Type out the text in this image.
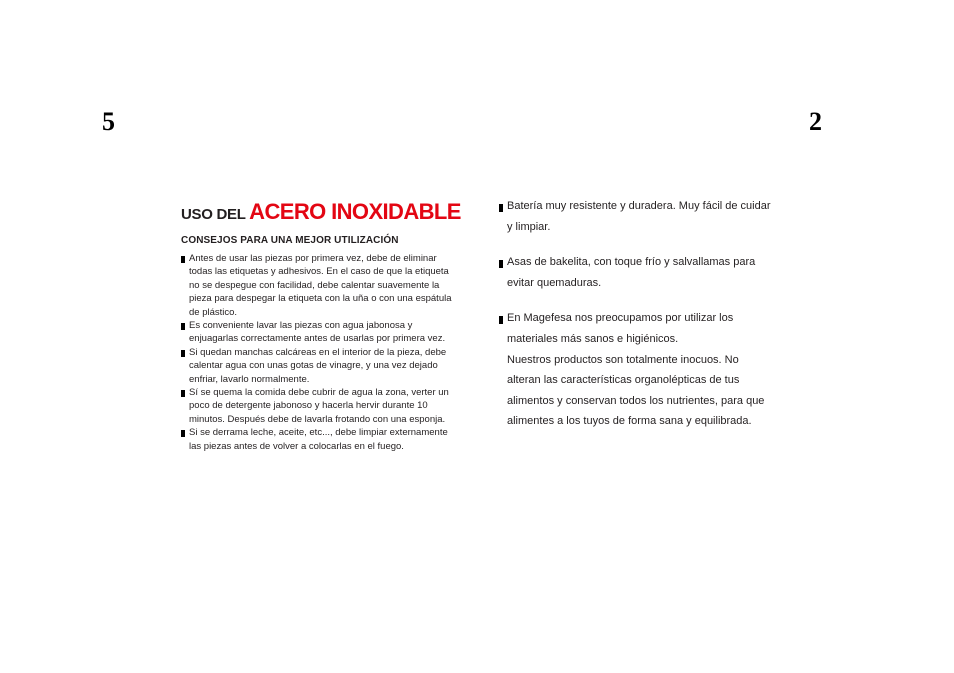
5	2
USO DEL ACERO INOXIDABLE
CONSEJOS PARA UNA MEJOR UTILIZACIÓN
Antes de usar las piezas por primera vez, debe de eliminar todas las etiquetas y adhesivos. En el caso de que la etiqueta no se despegue con facilidad, debe calentar suavemente la pieza para despegar la etiqueta con la uña o con una espátula de plástico.
Es conveniente lavar las piezas con agua jabonosa y enjuagarlas correctamente antes de usarlas por primera vez.
Si quedan manchas calcáreas en el interior de la pieza, debe calentar agua con unas gotas de vinagre, y una vez dejado enfriar, lavarlo normalmente.
Sí se quema la comida debe cubrir de agua la zona, verter un poco de detergente jabonoso y hacerla hervir durante 10 minutos. Después debe de lavarla frotando con una esponja.
Si se derrama leche, aceite, etc..., debe limpiar externamente las piezas antes de volver a colocarlas en el fuego.

Batería muy resistente y duradera. Muy fácil de cuidar y limpiar.

Asas de bakelita, con toque frío y salvallamas para evitar quemaduras.

En Magefesa nos preocupamos por utilizar los materiales más sanos e higiénicos.

Nuestros productos son totalmente inocuos. No alteran las características organolépticas de tus alimentos y conservan todos los nutrientes, para que alimentes a los tuyos de forma sana y equilibrada.
